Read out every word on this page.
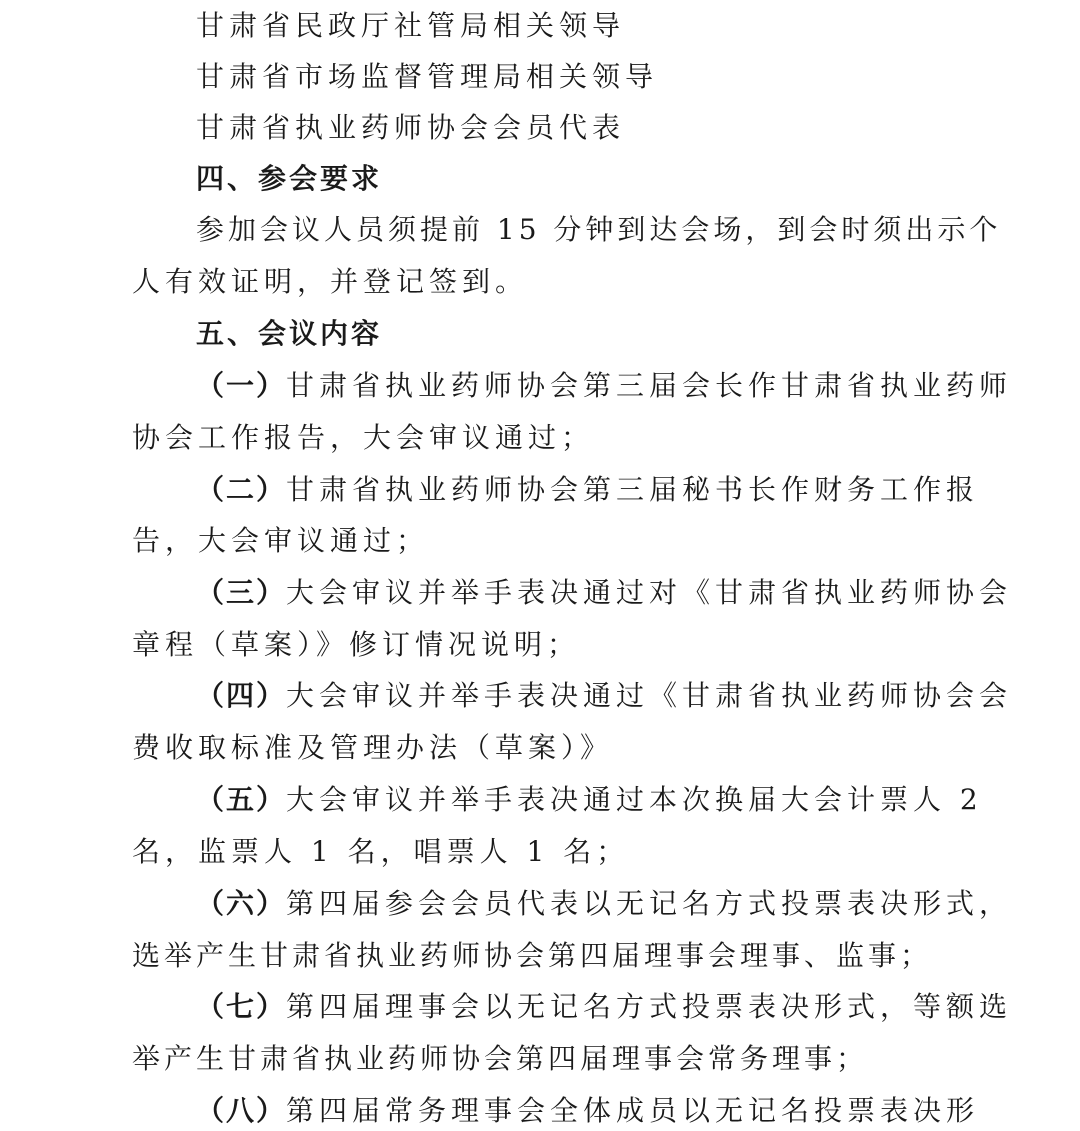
甘肃省民政厅社管局相关领导
甘肃省市场监督管理局相关领导
甘肃省执业药师协会会员代表
四、参会要求
参加会议人员须提前 15 分钟到达会场，到会时须出示个
人有效证明，并登记签到。
五、会议内容
（一）甘肃省执业药师协会第三届会长作甘肃省执业药师
协会工作报告，大会审议通过；
（二）甘肃省执业药师协会第三届秘书长作财务工作报
告，大会审议通过；
（三）大会审议并举手表决通过对《甘肃省执业药师协会
章程（草案）》修订情况说明；
（四）大会审议并举手表决通过《甘肃省执业药师协会会
费收取标准及管理办法（草案）》
（五）大会审议并举手表决通过本次换届大会计票人 2
名，监票人 1 名，唱票人 1 名；
（六）第四届参会会员代表以无记名方式投票表决形式，
选举产生甘肃省执业药师协会第四届理事会理事、监事；
（七）第四届理事会以无记名方式投票表决形式，等额选
举产生甘肃省执业药师协会第四届理事会常务理事；
（八）第四届常务理事会全体成员以无记名投票表决形
